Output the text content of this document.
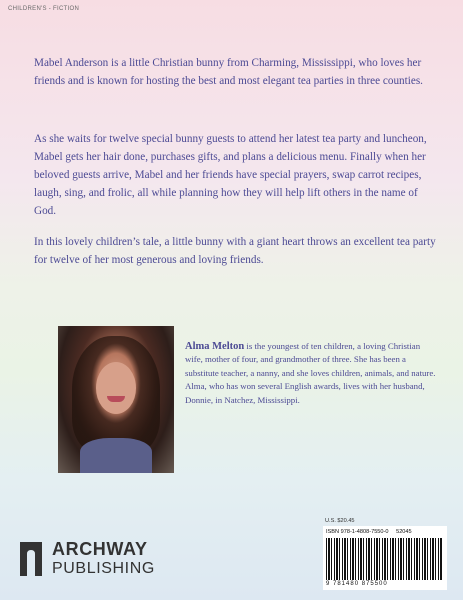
CHILDREN'S - FICTION

Mabel Anderson is a little Christian bunny from Charming, Mississippi, who loves her friends and is known for hosting the best and most elegant tea parties in three counties.

As she waits for twelve special bunny guests to attend her latest tea party and luncheon, Mabel gets her hair done, purchases gifts, and plans a delicious menu. Finally when her beloved guests arrive, Mabel and her friends have special prayers, swap carrot recipes, laugh, sing, and frolic, all while planning how they will help lift others in the name of God.

In this lovely children’s tale, a little bunny with a giant heart throws an excellent tea party for twelve of her most generous and loving friends.

Alma Melton is the youngest of ten children, a loving Christian wife, mother of four, and grandmother of three. She has been a substitute teacher, a nanny, and she loves children, animals, and nature. Alma, who has won several English awards, lives with her husband, Donnie, in Natchez, Mississippi.

U.S. $20.45
ISBN 978-1-4808-7550-0 52045
9 781480 875500
ARCHWAY
PUBLISHING
